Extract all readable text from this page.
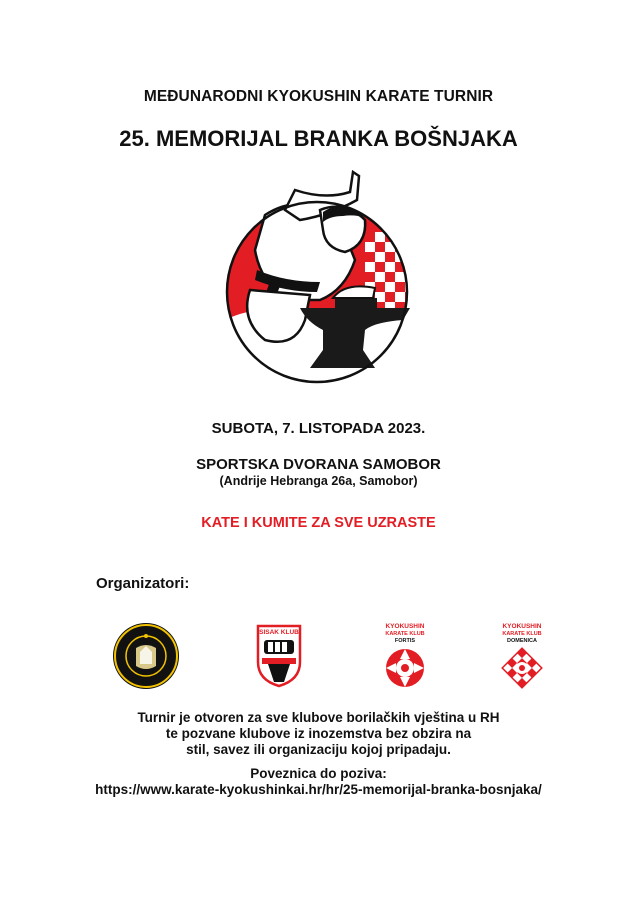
MEĐUNARODNI KYOKUSHIN KARATE TURNIR
25. MEMORIJAL BRANKA BOŠNJAKA
SUBOTA, 7. LISTOPADA 2023.
SPORTSKA DVORANA SAMOBOR
(Andrije Hebranga 26a, Samobor)
KATE I KUMITE ZA SVE UZRASTE
Organizatori:
SISAK KLUB
KYOKUSHIN
KARATE KLUB
FORTIS
KYOKUSHIN
KARATE KLUB
DOMENICA
Turnir je otvoren za sve klubove borilačkih vještina u RH
te pozvane klubove iz inozemstva bez obzira na
stil, savez ili organizaciju kojoj pripadaju.
Poveznica do poziva:
https://www.karate-kyokushinkai.hr/hr/25-memorijal-branka-bosnjaka/
